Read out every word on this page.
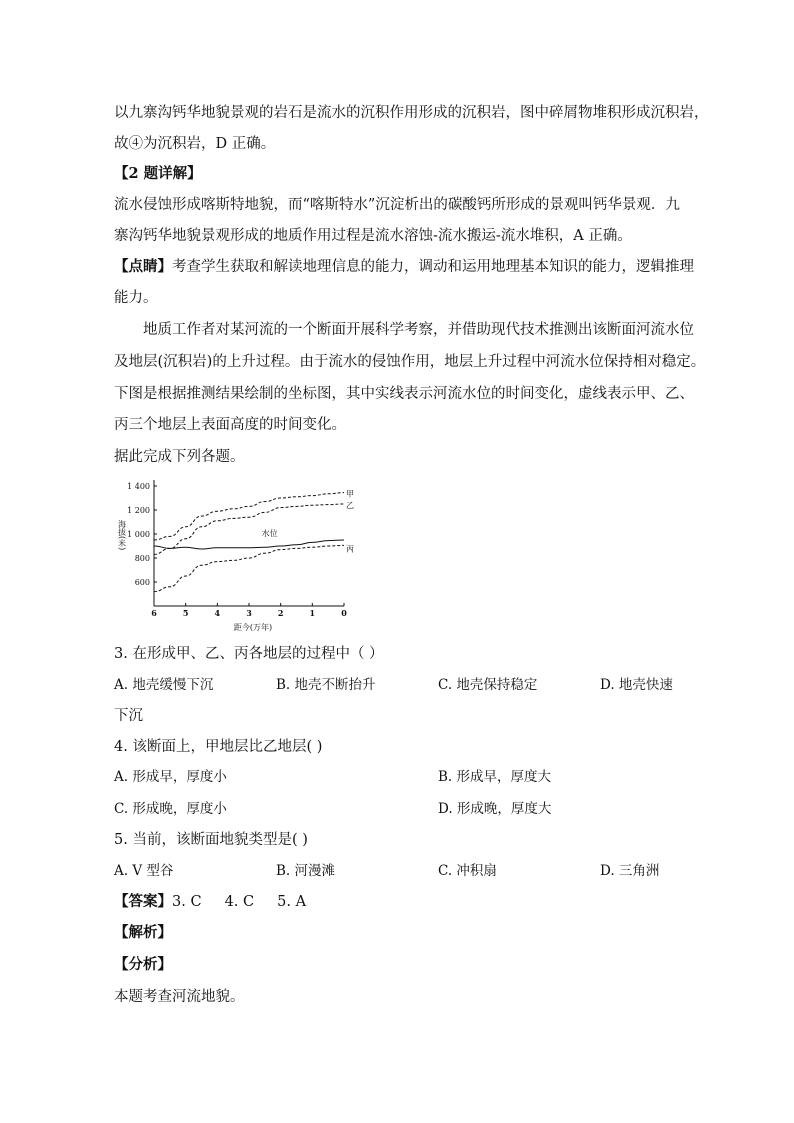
以九寨沟钙华地貌景观的岩石是流水的沉积作用形成的沉积岩，图中碎屑物堆积形成沉积岩，
故④为沉积岩，D 正确。
【2 题详解】
流水侵蚀形成喀斯特地貌，而“喀斯特水”沉淀析出的碳酸钙所形成的景观叫钙华景观．九
寨沟钙华地貌景观形成的地质作用过程是流水溶蚀-流水搬运-流水堆积，A 正确。
【点睛】考查学生获取和解读地理信息的能力，调动和运用地理基本知识的能力，逻辑推理
能力。
地质工作者对某河流的一个断面开展科学考察，并借助现代技术推测出该断面河流水位
及地层(沉积岩)的上升过程。由于流水的侵蚀作用，地层上升过程中河流水位保持相对稳定。
下图是根据推测结果绘制的坐标图，其中实线表示河流水位的时间变化，虚线表示甲、乙、
丙三个地层上表面高度的时间变化。
据此完成下列各题。
1 400
1 200
1 000
800
600
6	5	4	3	2	1	0
距今(万年)
海拔(米)
甲
乙
丙
水位
3. 在形成甲、乙、丙各地层的过程中（ ）
A. 地壳缓慢下沉	B. 地壳不断抬升	C. 地壳保持稳定	D. 地壳快速
下沉
4. 该断面上，甲地层比乙地层( )
A. 形成早，厚度小	B. 形成早，厚度大
C. 形成晚，厚度小	D. 形成晚，厚度大
5. 当前，该断面地貌类型是( )
A. V 型谷	B. 河漫滩	C. 冲积扇	D. 三角洲
【答案】3. C     4. C     5. A
【解析】
【分析】
本题考查河流地貌。
